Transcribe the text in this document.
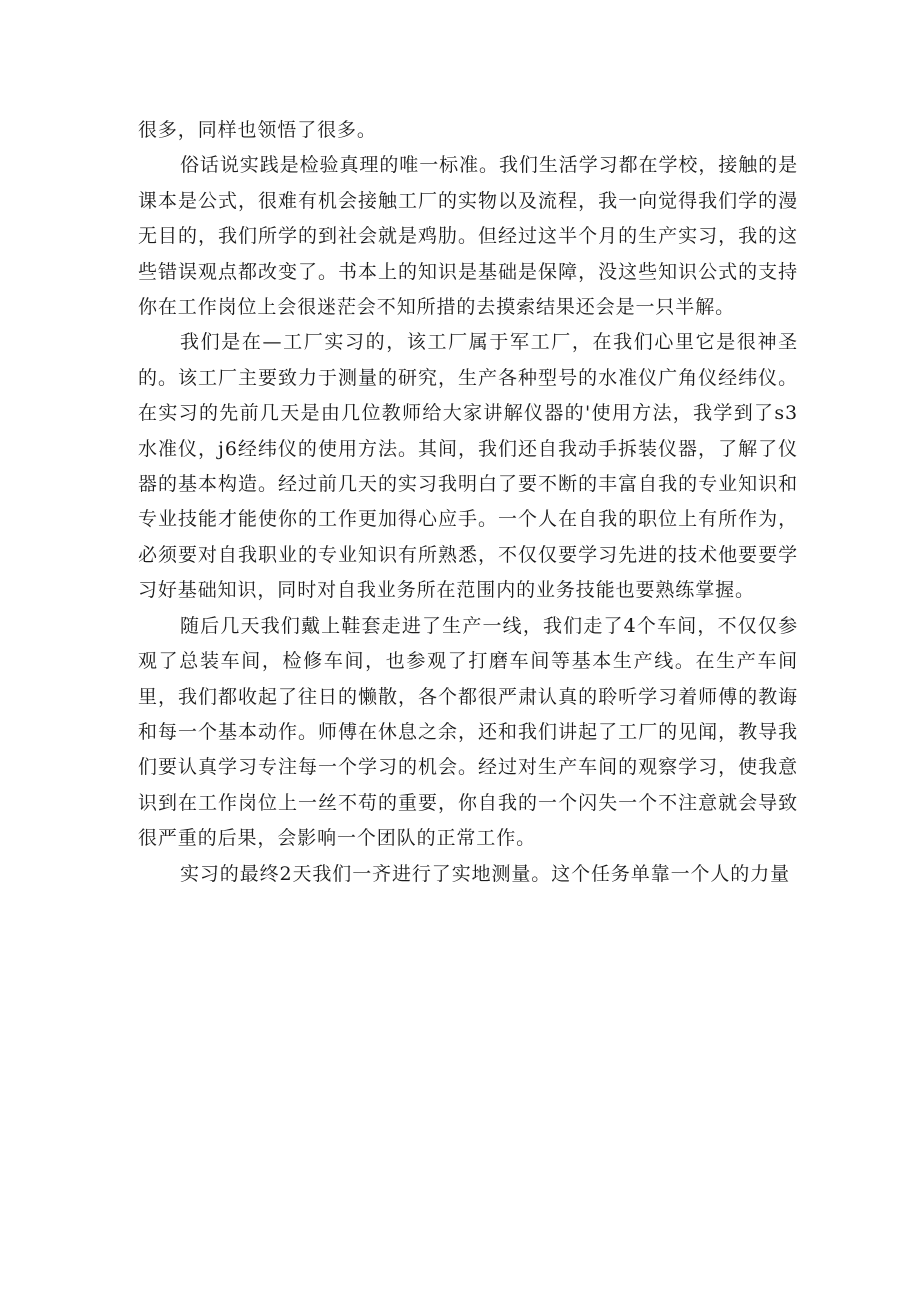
很多，同样也领悟了很多。

俗话说实践是检验真理的唯一标准。我们生活学习都在学校，接触的是课本是公式，很难有机会接触工厂的实物以及流程，我一向觉得我们学的漫无目的，我们所学的到社会就是鸡肋。但经过这半个月的生产实习，我的这些错误观点都改变了。书本上的知识是基础是保障，没这些知识公式的支持你在工作岗位上会很迷茫会不知所措的去摸索结果还会是一只半解。

我们是在—工厂实习的，该工厂属于军工厂，在我们心里它是很神圣的。该工厂主要致力于测量的研究，生产各种型号的水准仪广角仪经纬仪。在实习的先前几天是由几位教师给大家讲解仪器的'使用方法，我学到了s3水准仪，j6经纬仪的使用方法。其间，我们还自我动手拆装仪器，了解了仪器的基本构造。经过前几天的实习我明白了要不断的丰富自我的专业知识和专业技能才能使你的工作更加得心应手。一个人在自我的职位上有所作为，必须要对自我职业的专业知识有所熟悉，不仅仅要学习先进的技术他要要学习好基础知识，同时对自我业务所在范围内的业务技能也要熟练掌握。

随后几天我们戴上鞋套走进了生产一线，我们走了4个车间，不仅仅参观了总装车间，检修车间，也参观了打磨车间等基本生产线。在生产车间里，我们都收起了往日的懒散，各个都很严肃认真的聆听学习着师傅的教诲和每一个基本动作。师傅在休息之余，还和我们讲起了工厂的见闻，教导我们要认真学习专注每一个学习的机会。经过对生产车间的观察学习，使我意识到在工作岗位上一丝不苟的重要，你自我的一个闪失一个不注意就会导致很严重的后果，会影响一个团队的正常工作。

实习的最终2天我们一齐进行了实地测量。这个任务单靠一个人的力量
